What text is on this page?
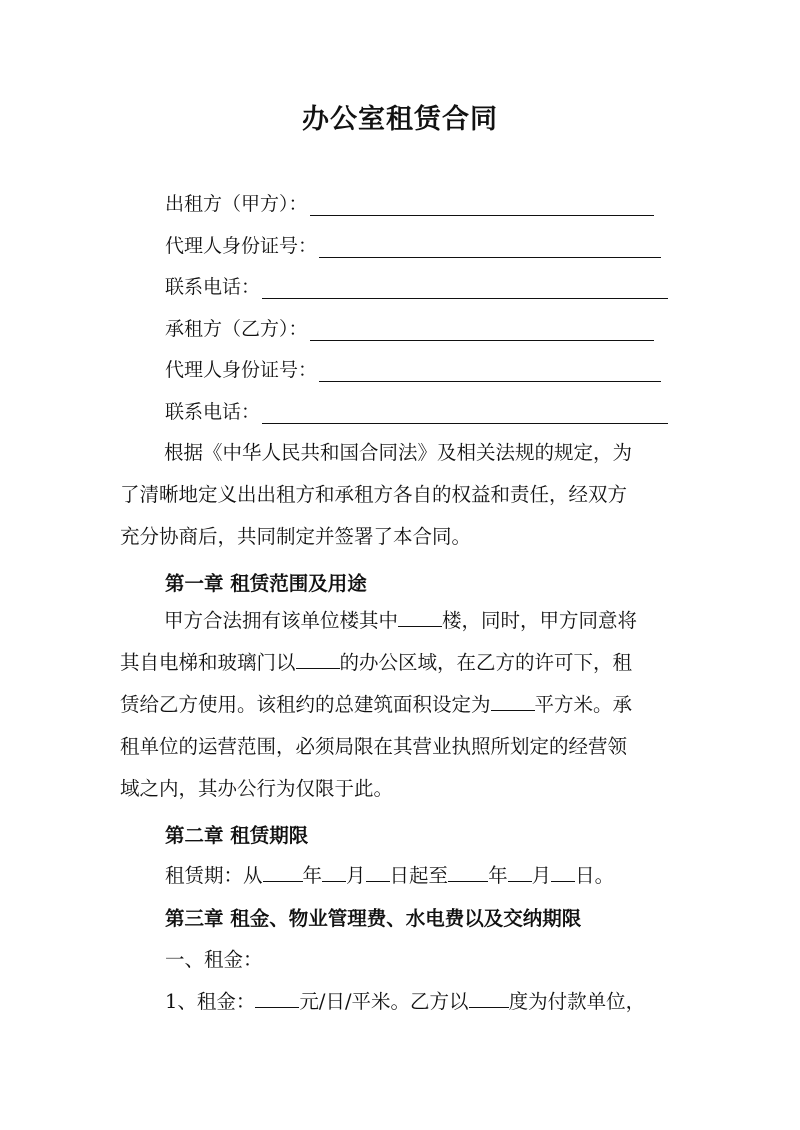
办公室租赁合同
出租方（甲方）：
代理人身份证号：
联系电话：
承租方（乙方）：
代理人身份证号：
联系电话：
根据《中华人民共和国合同法》及相关法规的规定，为
了清晰地定义出出租方和承租方各自的权益和责任，经双方
充分协商后，共同制定并签署了本合同。
第一章 租赁范围及用途
甲方合法拥有该单位楼其中 楼，同时，甲方同意将
其自电梯和玻璃门以 的办公区域，在乙方的许可下，租
赁给乙方使用。该租约的总建筑面积设定为 平方米。承
租单位的运营范围，必须局限在其营业执照所划定的经营领
域之内，其办公行为仅限于此。
第二章 租赁期限
租赁期：从 年 月 日起至 年 月 日。
第三章 租金、物业管理费、水电费以及交纳期限
一、租金：
1、租金： 元/日/平米。乙方以 度为付款单位，
